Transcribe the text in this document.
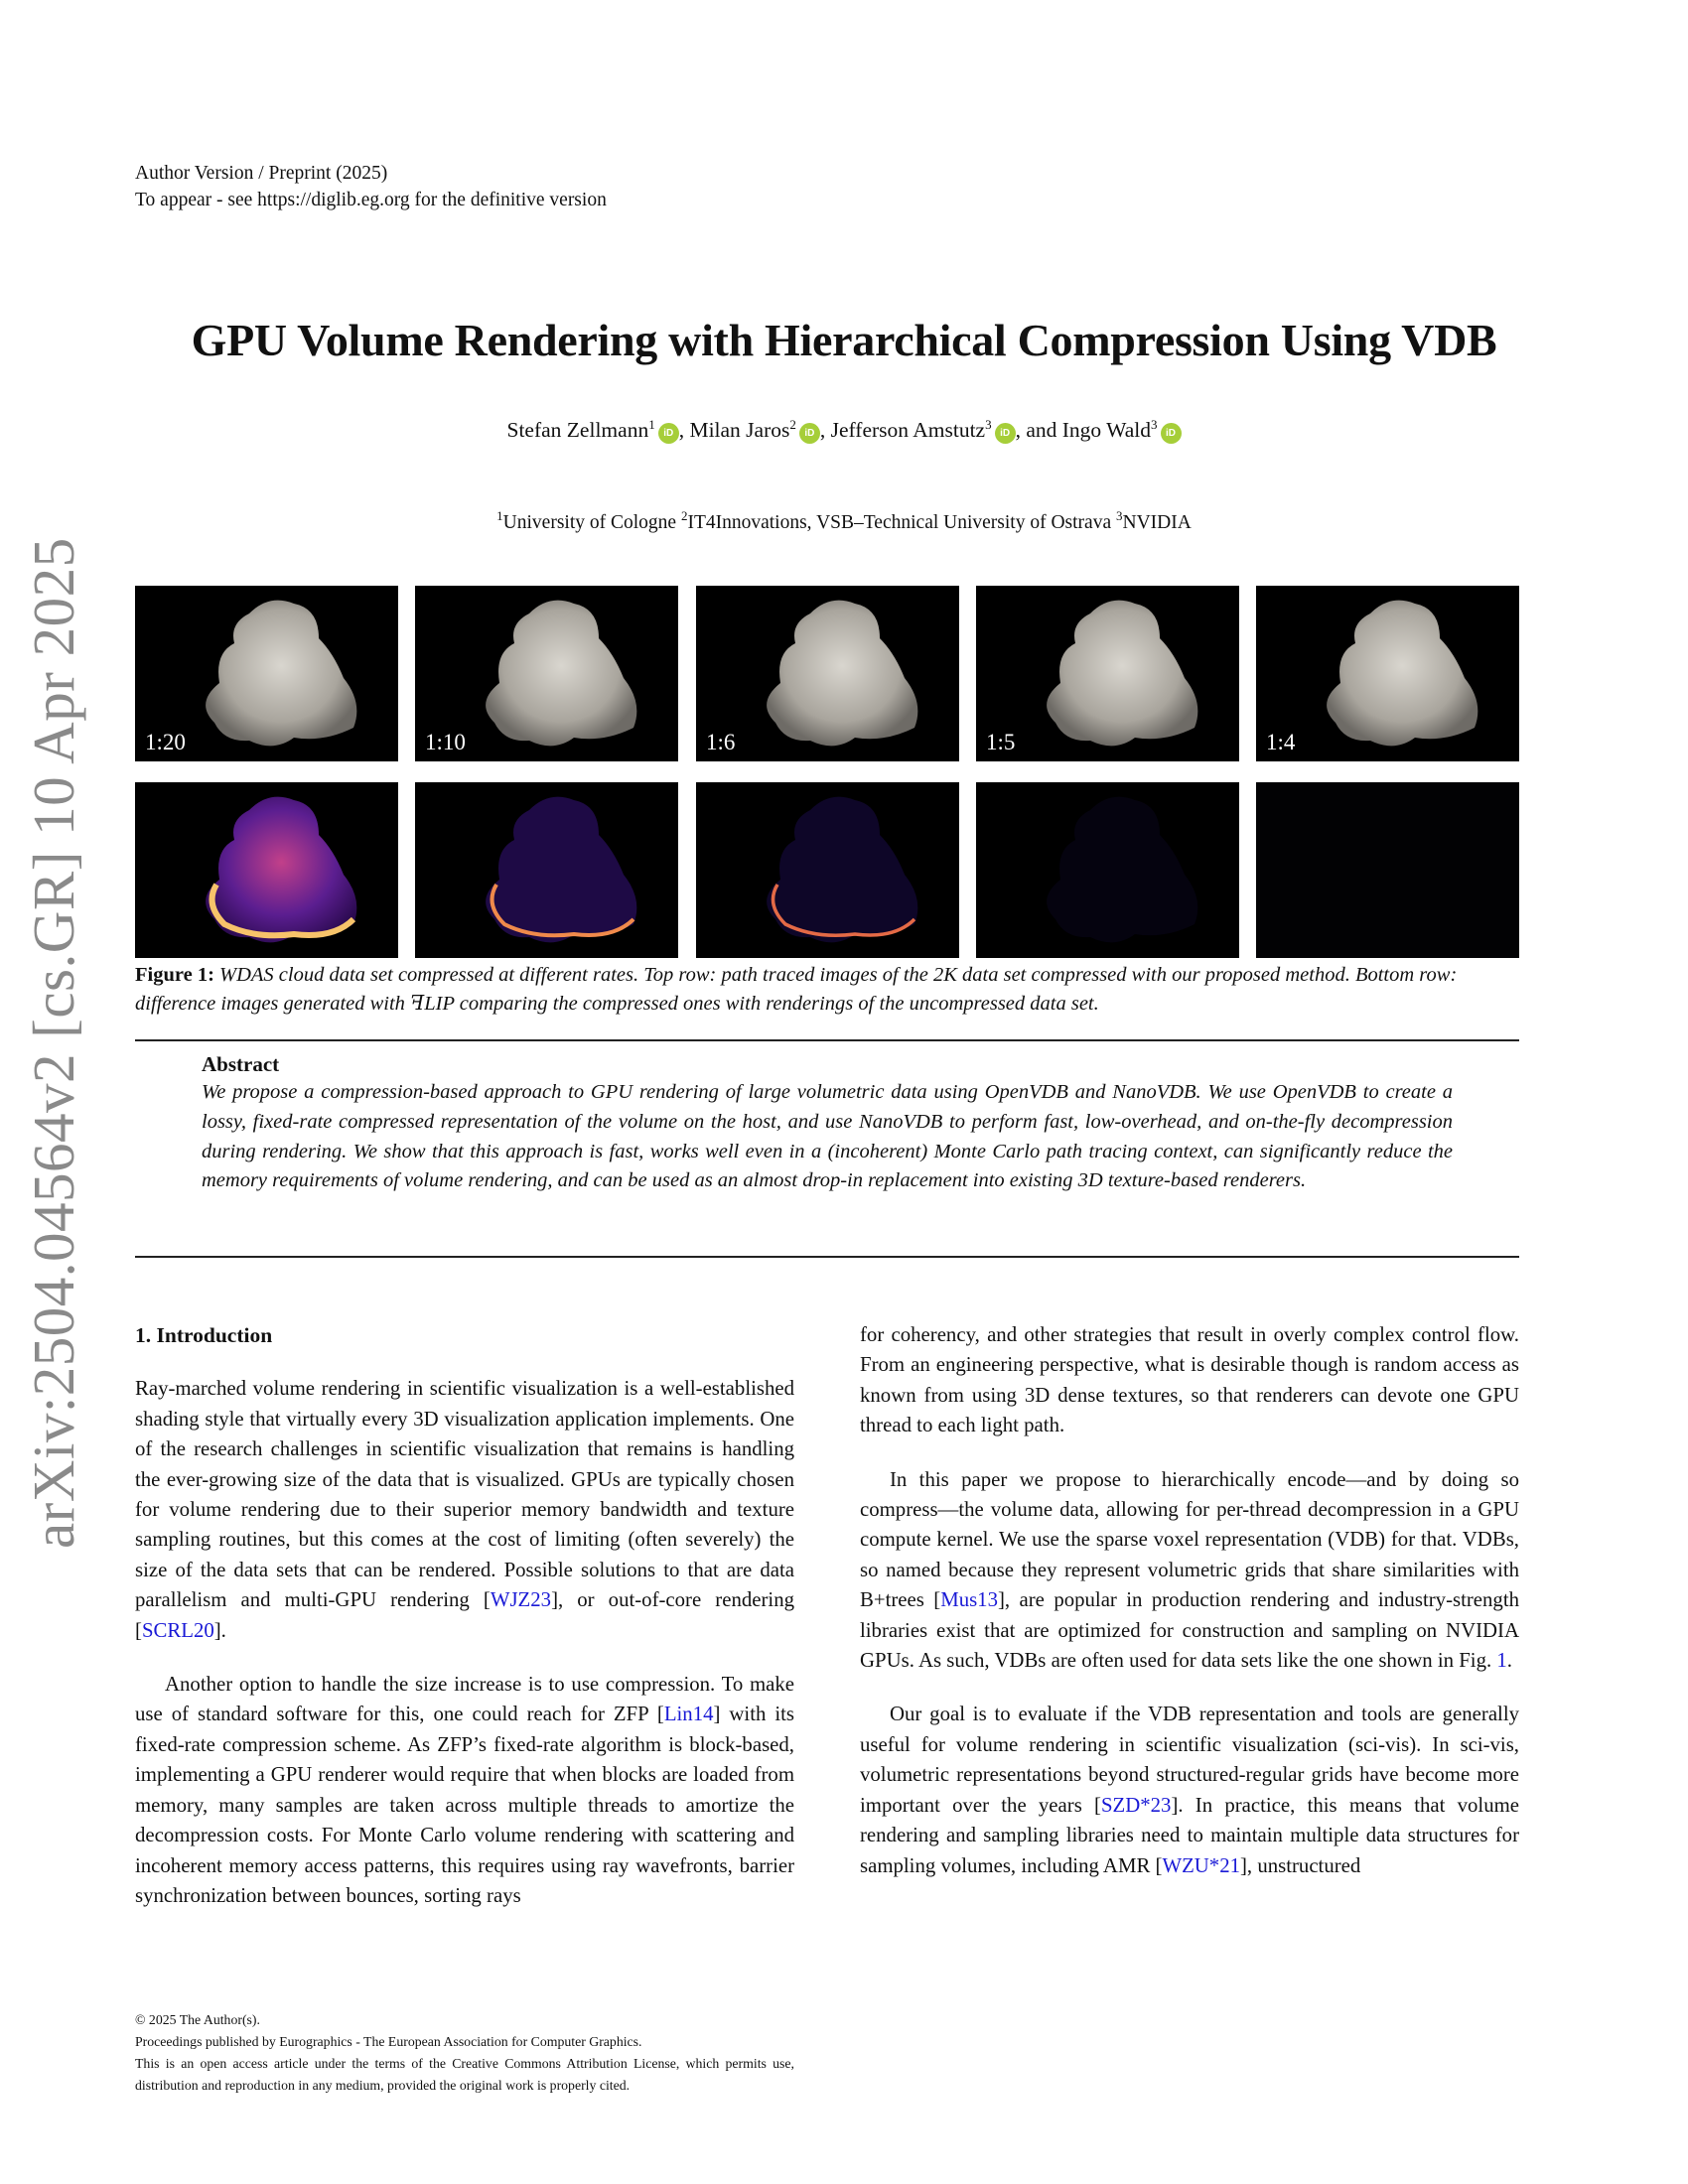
Author Version / Preprint (2025)
To appear - see https://diglib.eg.org for the definitive version
arXiv:2504.04564v2 [cs.GR] 10 Apr 2025
GPU Volume Rendering with Hierarchical Compression Using VDB
Stefan Zellmann$^1$iD , Milan Jaros$^2$iD , Jefferson Amstutz$^3$iD , and Ingo Wald$^3$iD
$^1$University of Cologne $^2$IT4Innovations, VSB–Technical University of Ostrava $^3$NVIDIA
1:20	1:10	1:6	1:5	1:4
Figure 1: WDAS cloud data set compressed at different rates. Top row: path traced images of the 2K data set compressed with our proposed method. Bottom row: difference images generated with ꟻLIP comparing the compressed ones with renderings of the uncompressed data set.
Abstract
We propose a compression-based approach to GPU rendering of large volumetric data using OpenVDB and NanoVDB. We use OpenVDB to create a lossy, fixed-rate compressed representation of the volume on the host, and use NanoVDB to perform fast, low-overhead, and on-the-fly decompression during rendering. We show that this approach is fast, works well even in a (incoherent) Monte Carlo path tracing context, can significantly reduce the memory requirements of volume rendering, and can be used as an almost drop-in replacement into existing 3D texture-based renderers.
1. Introduction

Ray-marched volume rendering in scientific visualization is a well-established shading style that virtually every 3D visualization application implements. One of the research challenges in scientific visualization that remains is handling the ever-growing size of the data that is visualized. GPUs are typically chosen for volume rendering due to their superior memory bandwidth and texture sampling routines, but this comes at the cost of limiting (often severely) the size of the data sets that can be rendered. Possible solutions to that are data parallelism and multi-GPU rendering [WJZ23], or out-of-core rendering [SCRL20].

Another option to handle the size increase is to use compression. To make use of standard software for this, one could reach for ZFP [Lin14] with its fixed-rate compression scheme. As ZFP’s fixed-rate algorithm is block-based, implementing a GPU renderer would require that when blocks are loaded from memory, many samples are taken across multiple threads to amortize the decompression costs. For Monte Carlo volume rendering with scattering and incoherent memory access patterns, this requires using ray wavefronts, barrier synchronization between bounces, sorting rays

for coherency, and other strategies that result in overly complex control flow. From an engineering perspective, what is desirable though is random access as known from using 3D dense textures, so that renderers can devote one GPU thread to each light path.

In this paper we propose to hierarchically encode—and by doing so compress—the volume data, allowing for per-thread decompression in a GPU compute kernel. We use the sparse voxel representation (VDB) for that. VDBs, so named because they represent volumetric grids that share similarities with B+trees [Mus13], are popular in production rendering and industry-strength libraries exist that are optimized for construction and sampling on NVIDIA GPUs. As such, VDBs are often used for data sets like the one shown in Fig. 1.

Our goal is to evaluate if the VDB representation and tools are generally useful for volume rendering in scientific visualization (sci-vis). In sci-vis, volumetric representations beyond structured-regular grids have become more important over the years [SZD*23]. In practice, this means that volume rendering and sampling libraries need to maintain multiple data structures for sampling volumes, including AMR [WZU*21], unstructured

© 2025 The Author(s).
Proceedings published by Eurographics - The European Association for Computer Graphics.
This is an open access article under the terms of the Creative Commons Attribution License, which permits use, distribution and reproduction in any medium, provided the original work is properly cited.
